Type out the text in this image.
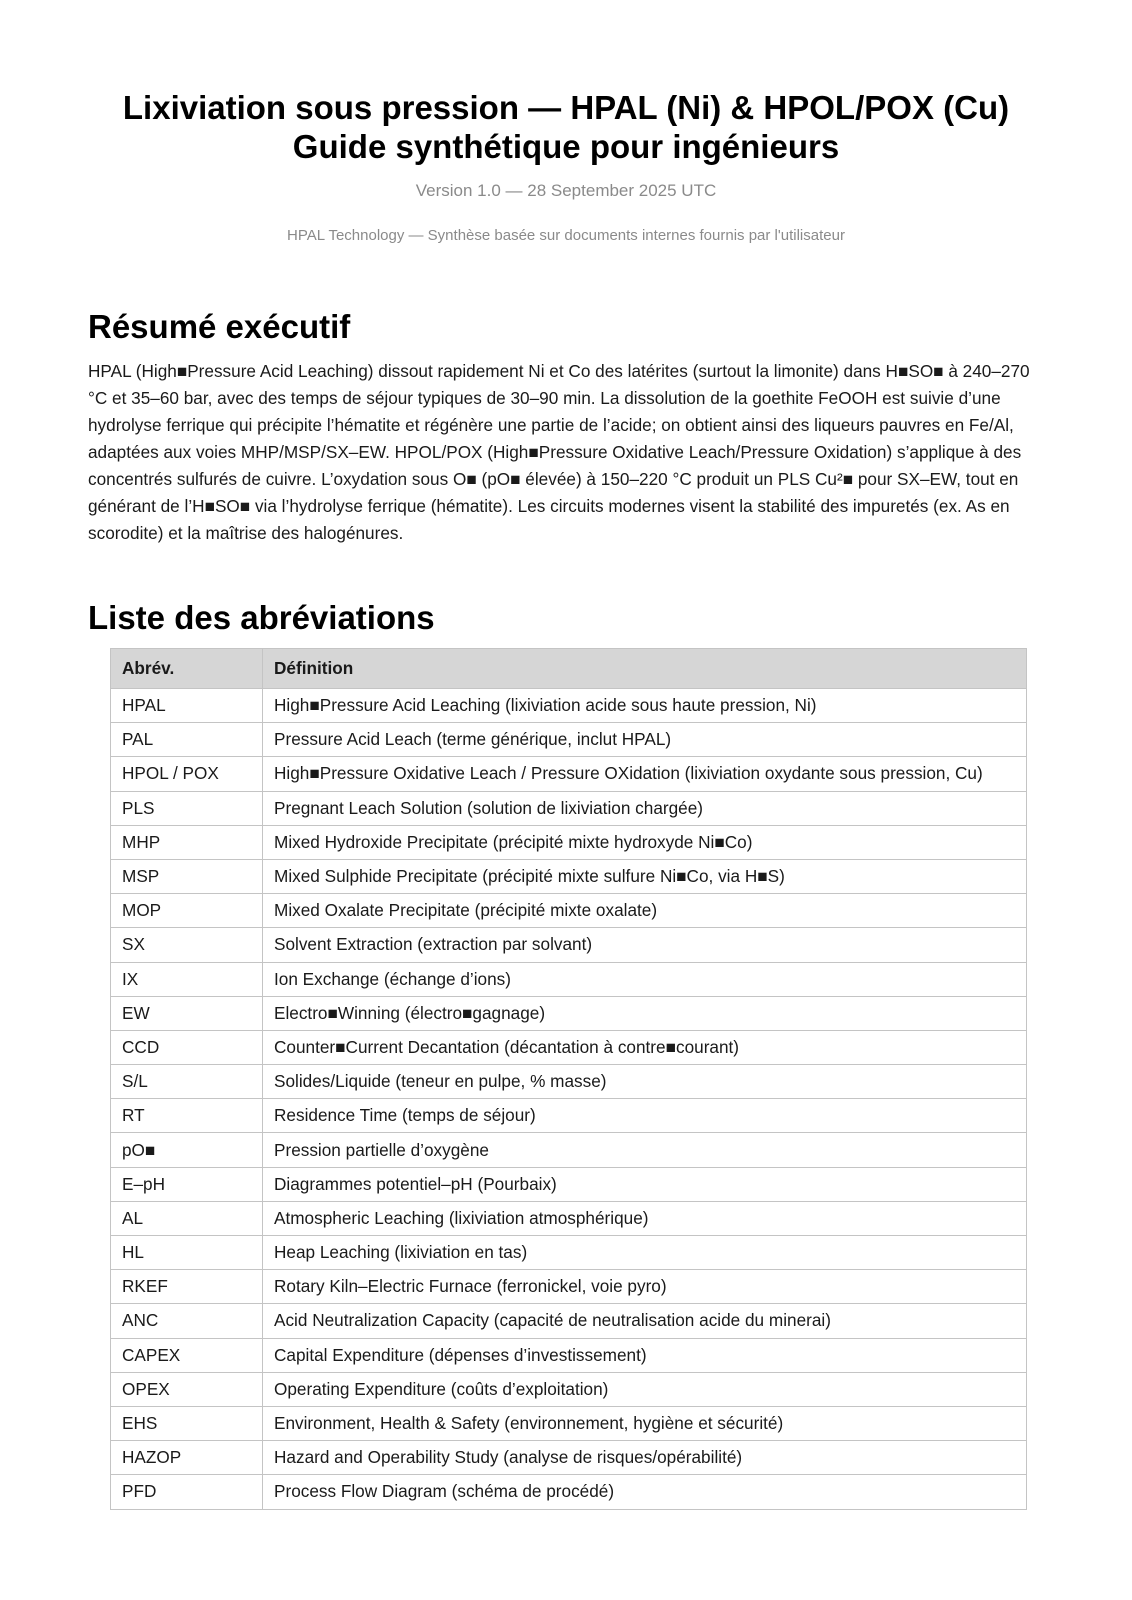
Lixiviation sous pression — HPAL (Ni) & HPOL/POX (Cu)
Guide synthétique pour ingénieurs

Version 1.0 — 28 September 2025 UTC

HPAL Technology — Synthèse basée sur documents internes fournis par l'utilisateur

Résumé exécutif

HPAL (High■Pressure Acid Leaching) dissout rapidement Ni et Co des latérites (surtout la limonite) dans H■SO■ à 240–270 °C et 35–60 bar, avec des temps de séjour typiques de 30–90 min. La dissolution de la goethite FeOOH est suivie d’une hydrolyse ferrique qui précipite l’hématite et régénère une partie de l’acide; on obtient ainsi des liqueurs pauvres en Fe/Al, adaptées aux voies MHP/MSP/SX–EW. HPOL/POX (High■Pressure Oxidative Leach/Pressure Oxidation) s’applique à des concentrés sulfurés de cuivre. L’oxydation sous O■ (pO■ élevée) à 150–220 °C produit un PLS Cu²■ pour SX–EW, tout en générant de l’H■SO■ via l’hydrolyse ferrique (hématite). Les circuits modernes visent la stabilité des impuretés (ex. As en scorodite) et la maîtrise des halogénures.

Liste des abréviations
Abrév.	Définition
HPAL	High■Pressure Acid Leaching (lixiviation acide sous haute pression, Ni)
PAL	Pressure Acid Leach (terme générique, inclut HPAL)
HPOL / POX	High■Pressure Oxidative Leach / Pressure OXidation (lixiviation oxydante sous pression, Cu)
PLS	Pregnant Leach Solution (solution de lixiviation chargée)
MHP	Mixed Hydroxide Precipitate (précipité mixte hydroxyde Ni■Co)
MSP	Mixed Sulphide Precipitate (précipité mixte sulfure Ni■Co, via H■S)
MOP	Mixed Oxalate Precipitate (précipité mixte oxalate)
SX	Solvent Extraction (extraction par solvant)
IX	Ion Exchange (échange d’ions)
EW	Electro■Winning (électro■gagnage)
CCD	Counter■Current Decantation (décantation à contre■courant)
S/L	Solides/Liquide (teneur en pulpe, % masse)
RT	Residence Time (temps de séjour)
pO■	Pression partielle d’oxygène
E–pH	Diagrammes potentiel–pH (Pourbaix)
AL	Atmospheric Leaching (lixiviation atmosphérique)
HL	Heap Leaching (lixiviation en tas)
RKEF	Rotary Kiln–Electric Furnace (ferronickel, voie pyro)
ANC	Acid Neutralization Capacity (capacité de neutralisation acide du minerai)
CAPEX	Capital Expenditure (dépenses d’investissement)
OPEX	Operating Expenditure (coûts d’exploitation)
EHS	Environment, Health & Safety (environnement, hygiène et sécurité)
HAZOP	Hazard and Operability Study (analyse de risques/opérabilité)
PFD	Process Flow Diagram (schéma de procédé)
